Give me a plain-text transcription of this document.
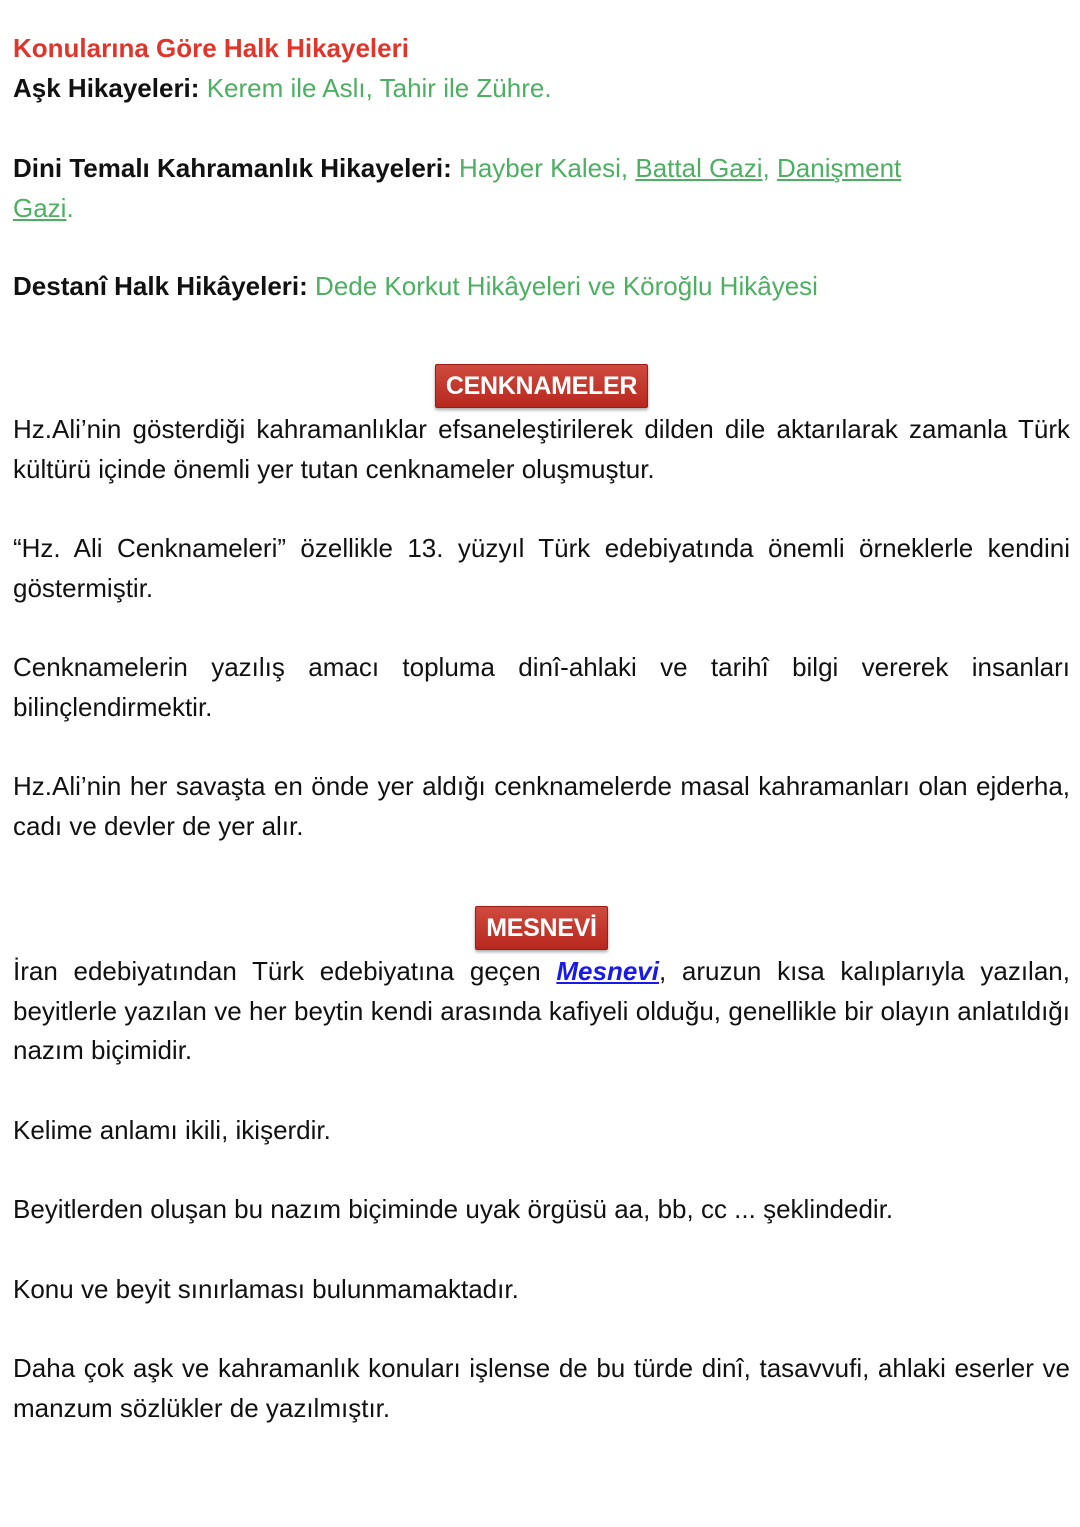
Konularına Göre Halk Hikayeleri

Aşk Hikayeleri: Kerem ile Aslı, Tahir ile Zühre.

Dini Temalı Kahramanlık Hikayeleri: Hayber Kalesi, Battal Gazi, Danişment
Gazi.

Destanî Halk Hikâyeleri: Dede Korkut Hikâyeleri ve Köroğlu Hikâyesi

CENKNAMELER

Hz.Ali’nin gösterdiği kahramanlıklar efsaneleştirilerek dilden dile aktarılarak zamanla Türk kültürü içinde önemli yer tutan cenknameler oluşmuştur.

“Hz. Ali Cenknameleri” özellikle 13. yüzyıl Türk edebiyatında önemli örneklerle kendini göstermiştir.

Cenknamelerin yazılış amacı topluma dinî-ahlaki ve tarihî bilgi vererek insanları bilinçlendirmektir.

Hz.Ali’nin her savaşta en önde yer aldığı cenknamelerde masal kahramanları olan ejderha, cadı ve devler de yer alır.

MESNEVİ

İran edebiyatından Türk edebiyatına geçen Mesnevi, aruzun kısa kalıplarıyla yazılan, beyitlerle yazılan ve her beytin kendi arasında kafiyeli olduğu, genellikle bir olayın anlatıldığı nazım biçimidir.

Kelime anlamı ikili, ikişerdir.

Beyitlerden oluşan bu nazım biçiminde uyak örgüsü aa, bb, cc ... şeklindedir.

Konu ve beyit sınırlaması bulunmamaktadır.

Daha çok aşk ve kahramanlık konuları işlense de bu türde dinî, tasavvufi, ahlaki eserler ve manzum sözlükler de yazılmıştır.
